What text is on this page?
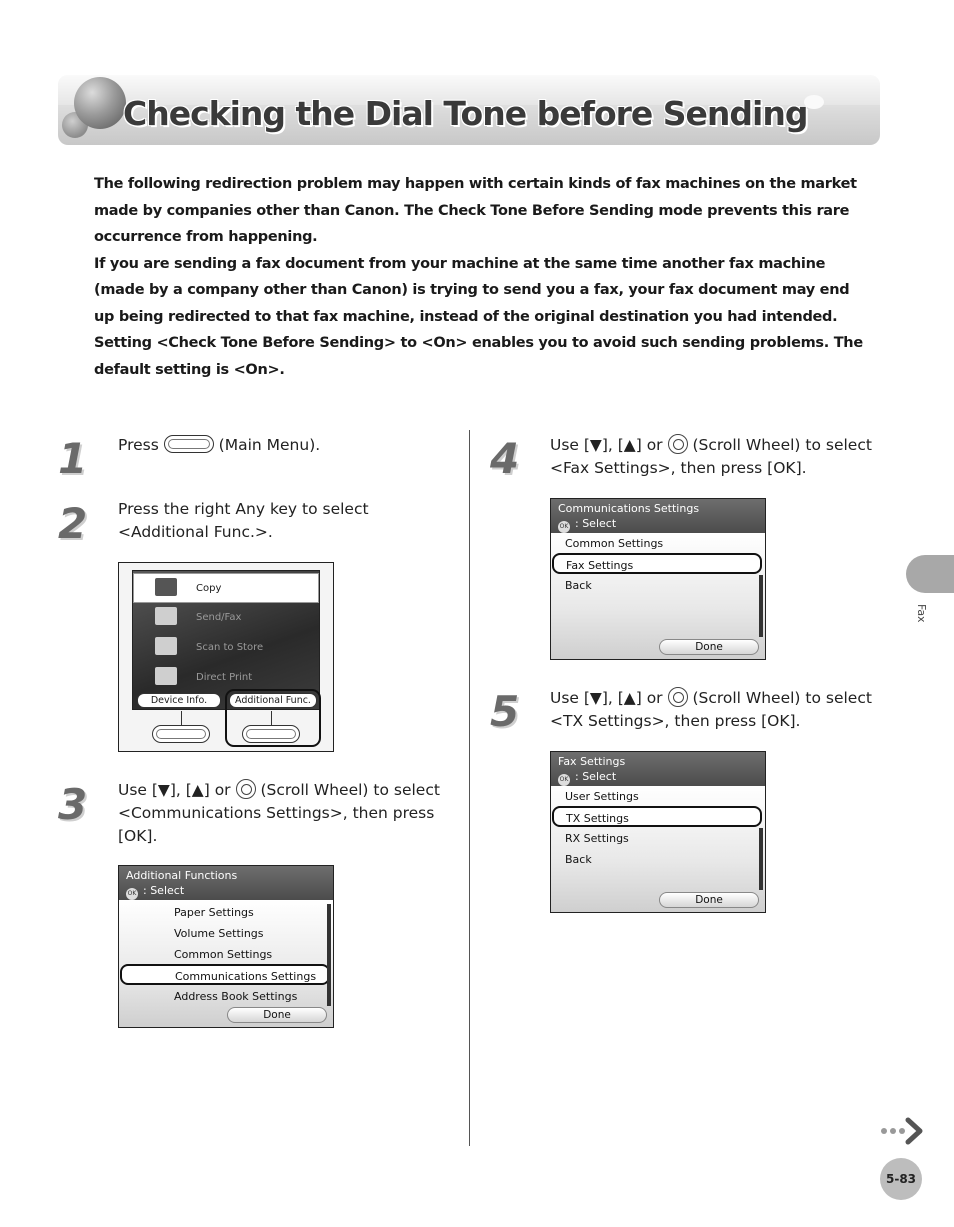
Checking the Dial Tone before Sending

The following redirection problem may happen with certain kinds of fax machines on the market made by companies other than Canon. The Check Tone Before Sending mode prevents this rare occurrence from happening.

If you are sending a fax document from your machine at the same time another fax machine (made by a company other than Canon) is trying to send you a fax, your fax document may end up being redirected to that fax machine, instead of the original destination you had intended.

Setting <Check Tone Before Sending> to <On> enables you to avoid such sending problems. The default setting is <On>.

1 Press	(Main Menu).
2 Press the right Any key to select
<Additional Func.>.
Copy
Send/Fax
Scan to Store
Direct Print
Device Info.	Additional Func.
3 Use [▼], [▲] or (Scroll Wheel) to select
<Communications Settings>, then press
[OK].
Additional Functions
OK : Select
Paper Settings
Volume Settings
Common Settings
Communications Settings
Address Book Settings
Done
4 Use [▼], [▲] or (Scroll Wheel) to select
<Fax Settings>, then press [OK].
Communications Settings
OK : Select
Common Settings
Fax Settings
Back
Done
5 Use [▼], [▲] or (Scroll Wheel) to select
<TX Settings>, then press [OK].
Fax Settings
OK : Select
User Settings
TX Settings
RX Settings
Back
Done
Fax
5-83
